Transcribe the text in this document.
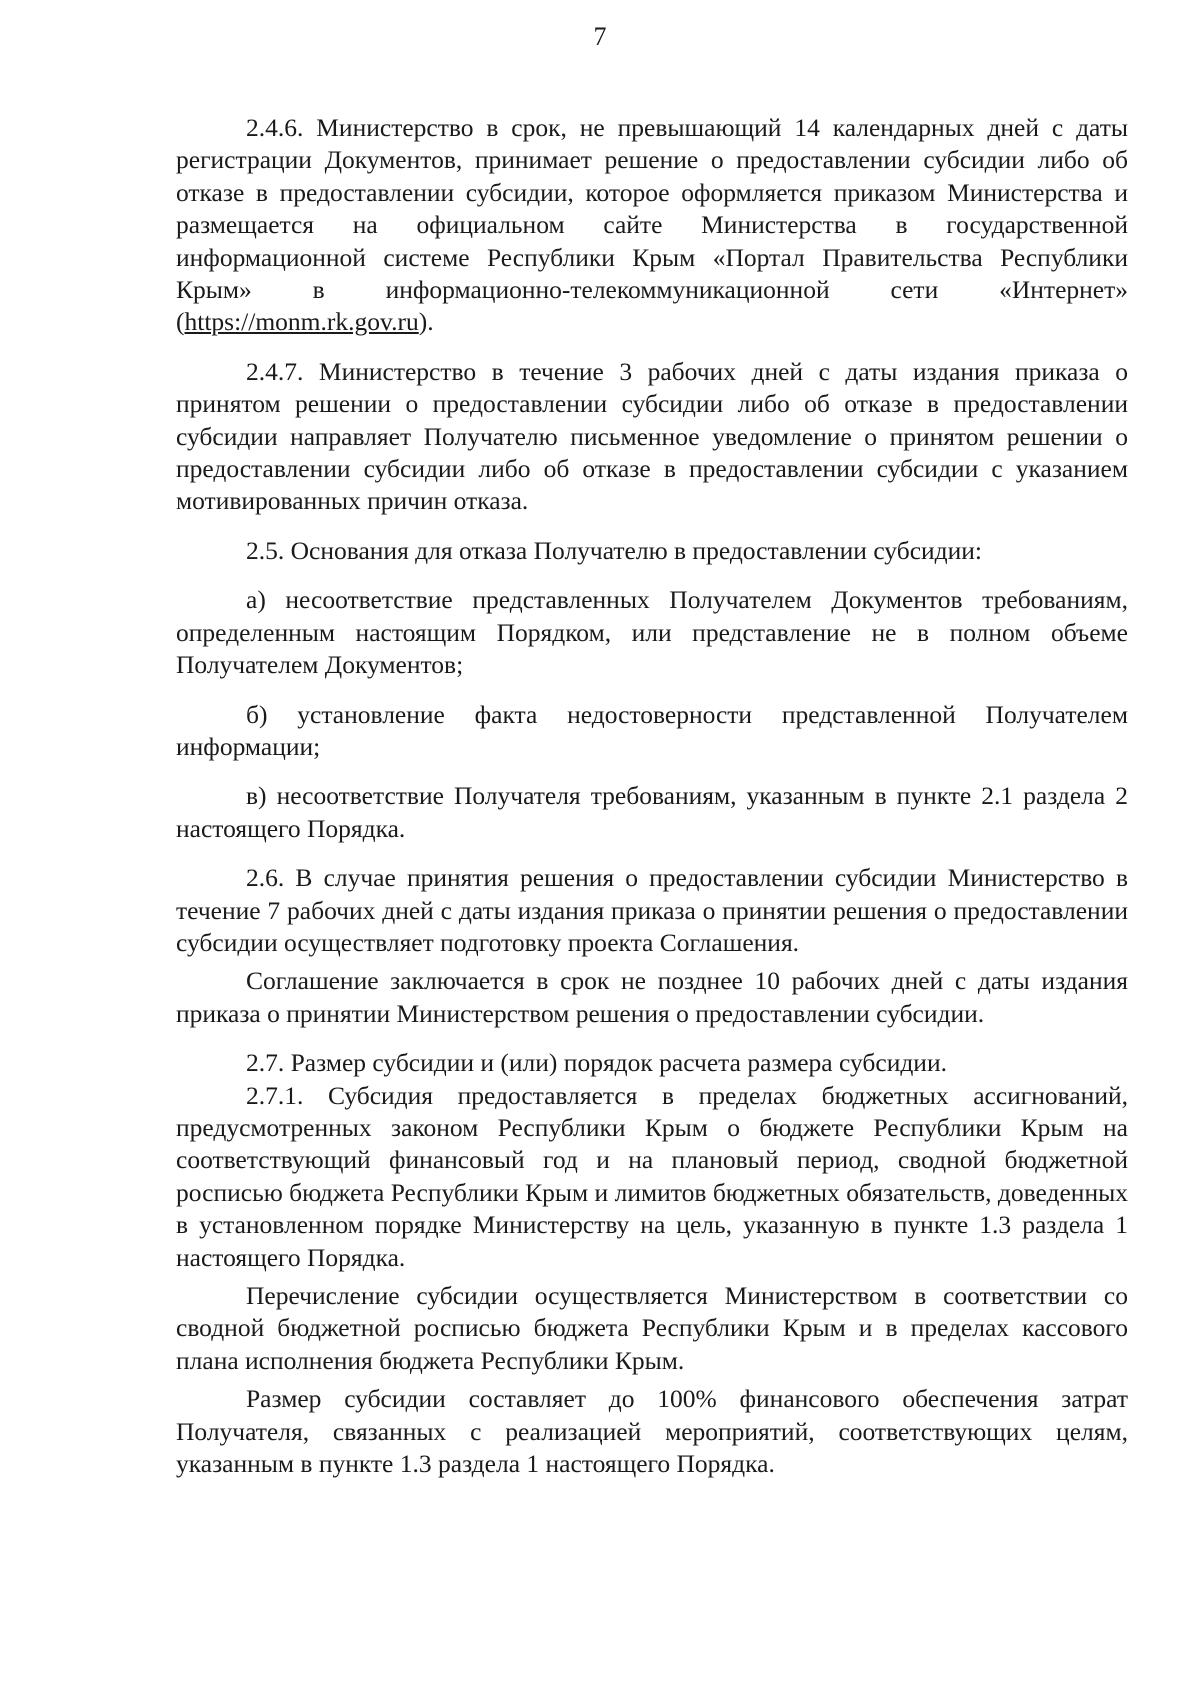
7

2.4.6. Министерство в срок, не превышающий 14 календарных дней с даты регистрации Документов, принимает решение о предоставлении субсидии либо об отказе в предоставлении субсидии, которое оформляется приказом Министерства и размещается на официальном сайте Министерства в государственной информационной системе Республики Крым «Портал Правительства Республики Крым» в информационно-телекоммуникационной сети «Интернет» (https://monm.rk.gov.ru).

2.4.7. Министерство в течение 3 рабочих дней с даты издания приказа о принятом решении о предоставлении субсидии либо об отказе в предоставлении субсидии направляет Получателю письменное уведомление о принятом решении о предоставлении субсидии либо об отказе в предоставлении субсидии с указанием мотивированных причин отказа.

2.5. Основания для отказа Получателю в предоставлении субсидии:

а) несоответствие представленных Получателем Документов требованиям, определенным настоящим Порядком, или представление не в полном объеме Получателем Документов;

б) установление факта недостоверности представленной Получателем информации;

в) несоответствие Получателя требованиям, указанным в пункте 2.1 раздела 2 настоящего Порядка.

2.6. В случае принятия решения о предоставлении субсидии Министерство в течение 7 рабочих дней с даты издания приказа о принятии решения о предоставлении субсидии осуществляет подготовку проекта Соглашения.

Соглашение заключается в срок не позднее 10 рабочих дней с даты издания приказа о принятии Министерством решения о предоставлении субсидии.

2.7. Размер субсидии и (или) порядок расчета размера субсидии.

2.7.1. Субсидия предоставляется в пределах бюджетных ассигнований, предусмотренных законом Республики Крым о бюджете Республики Крым на соответствующий финансовый год и на плановый период, сводной бюджетной росписью бюджета Республики Крым и лимитов бюджетных обязательств, доведенных в установленном порядке Министерству на цель, указанную в пункте 1.3 раздела 1 настоящего Порядка.

Перечисление субсидии осуществляется Министерством в соответствии со сводной бюджетной росписью бюджета Республики Крым и в пределах кассового плана исполнения бюджета Республики Крым.

Размер субсидии составляет до 100% финансового обеспечения затрат Получателя, связанных с реализацией мероприятий, соответствующих целям, указанным в пункте 1.3 раздела 1 настоящего Порядка.
